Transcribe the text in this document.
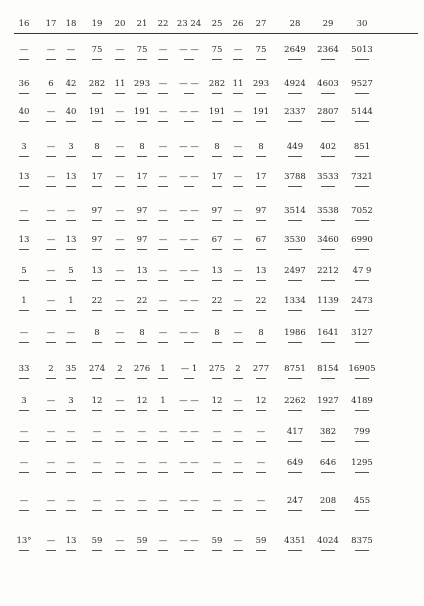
16 17 18 19 20 21 22 23 24 25 26 27	28	29	30
— — — 75 — 75 — — — 75 — 75 2649 2364 5013
36 6 42 282 11 293 — — — 282 11 293 4924 4603 9527
40 — 40 191 — 191 — — — 191 — 191 2337 2807 5144
3 — 3 8 — 8 — — — 8 — 8	449 402 851
13 — 13 17 — 17 — — — 17 — 17 3788 3533 7321
— — — 97 — 97 — — — 97 — 97 3514 3538 7052
13 — 13 97 — 97 — — — 67 — 67 3530 3460 6990
5 — 5 13 — 13 — — — 13 — 13 2497 2212 47 9
1 — 1 22 — 22 — — — 22 — 22 1334 1139 2473
— — — 8 — 8 — — — 8 — 8 1986 1641 3127
33 2 35 274 2 276 1 — 1 275 2 277 8751 8154 16905
3 — 3 12 — 12 1 — — 12 — 12 2262 1927 4189
— — — — — — — — — — — —	417 382 799
— — — — — — — — — — — —	649 646 1295
— — — — — — — — — — — —	247 208 455
13° — 13 59 — 59 — — — 59 — 59 4351 4024 8375
